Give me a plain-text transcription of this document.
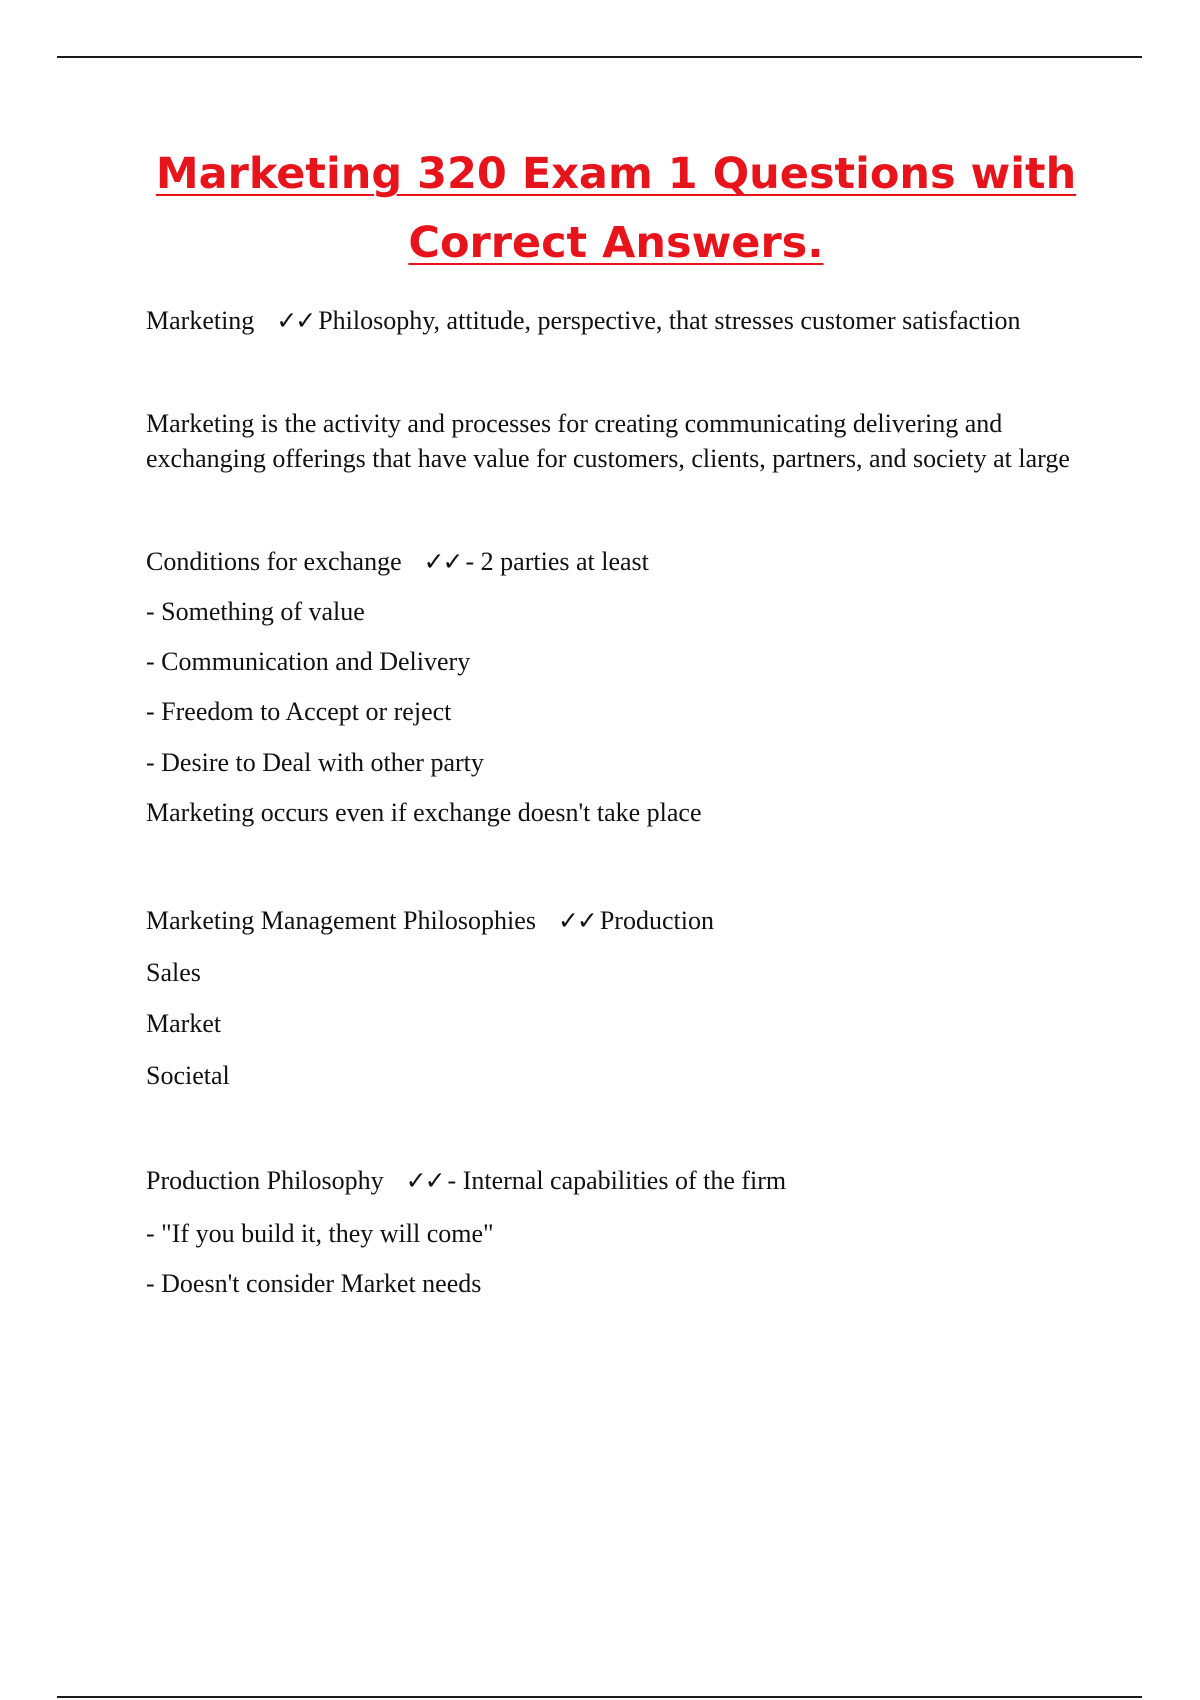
Marketing 320 Exam 1 Questions with
Correct Answers.

Marketing ✓✓ Philosophy, attitude, perspective, that stresses customer satisfaction

Marketing is the activity and processes for creating communicating delivering and exchanging offerings that have value for customers, clients, partners, and society at large

Conditions for exchange ✓✓ - 2 parties at least

- Something of value

- Communication and Delivery

- Freedom to Accept or reject

- Desire to Deal with other party

Marketing occurs even if exchange doesn't take place

Marketing Management Philosophies ✓✓ Production

Sales

Market

Societal

Production Philosophy ✓✓ - Internal capabilities of the firm

- "If you build it, they will come"

- Doesn't consider Market needs
